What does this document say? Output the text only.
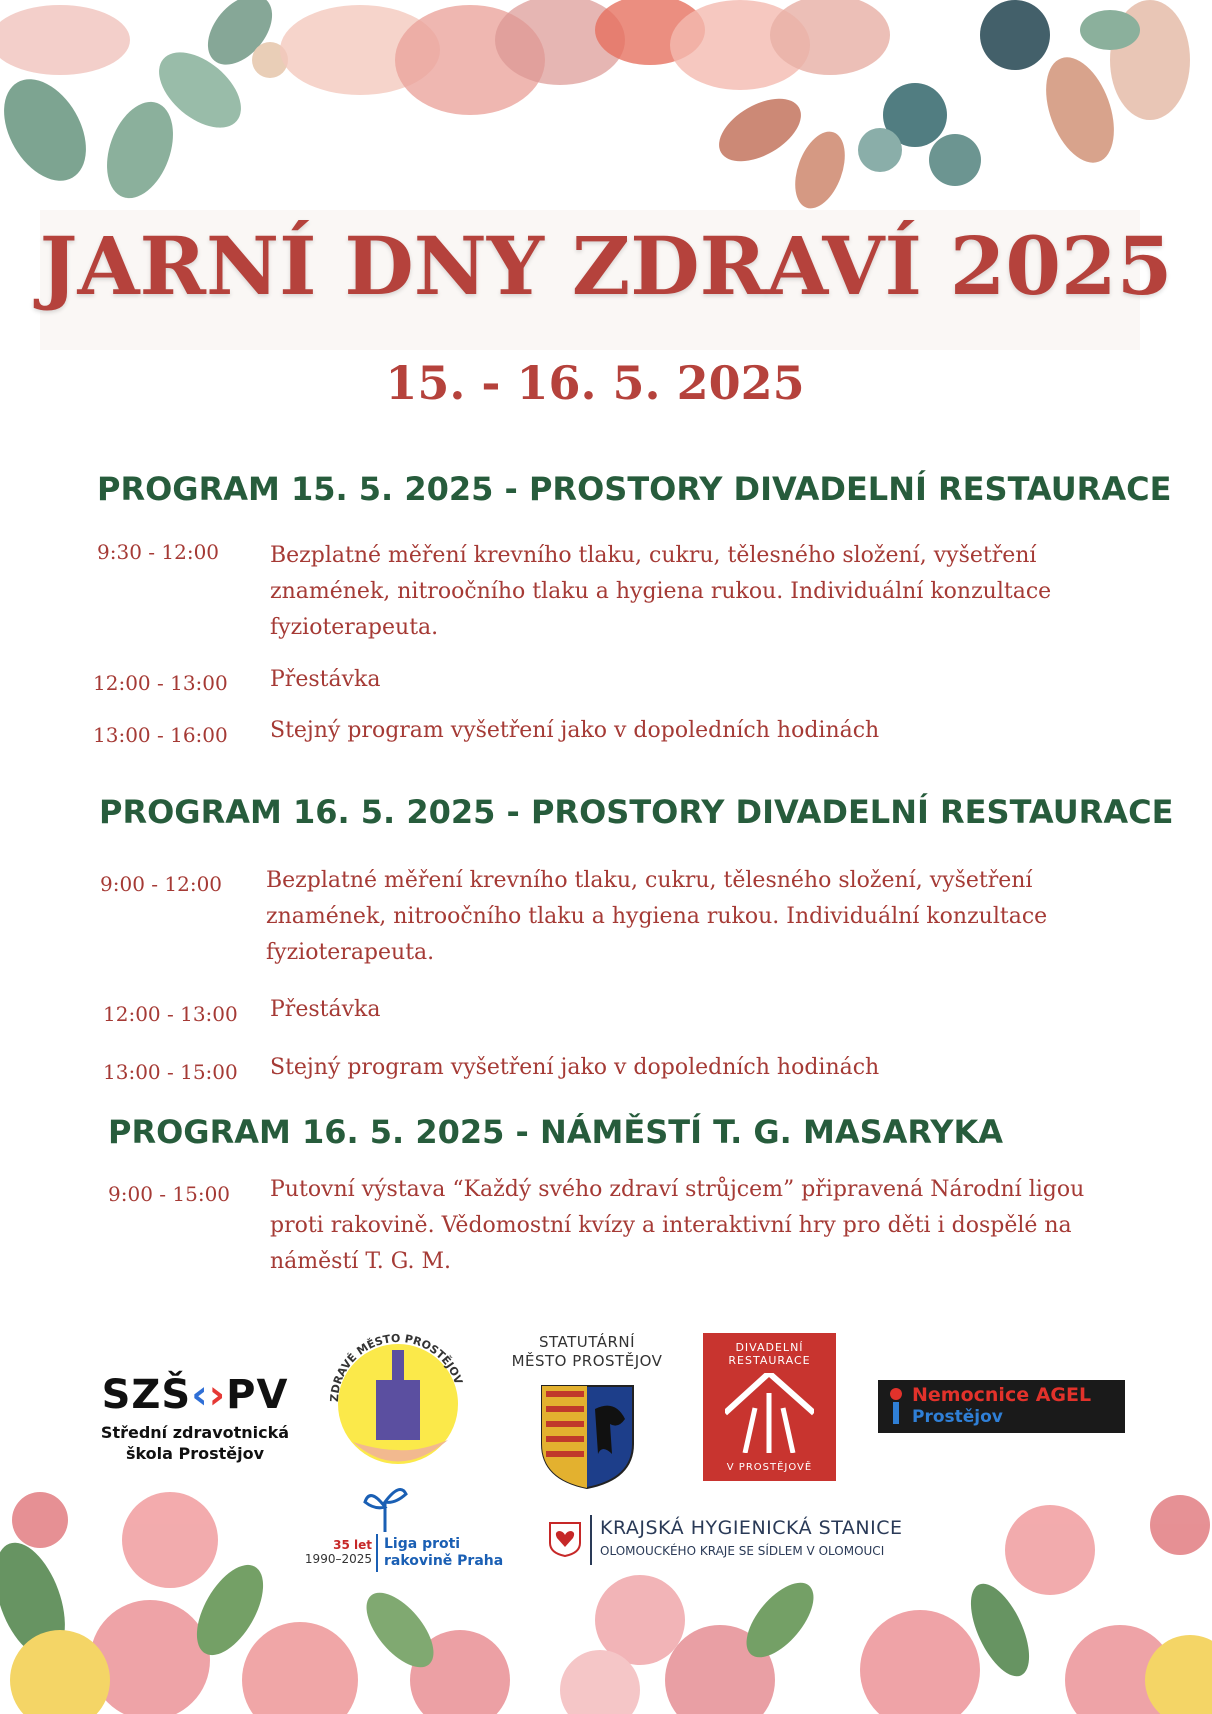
JARNÍ DNY ZDRAVÍ 2025
15. - 16. 5. 2025
PROGRAM 15. 5. 2025 - PROSTORY DIVADELNÍ RESTAURACE
9:30 - 12:00 Bezplatné měření krevního tlaku, cukru, tělesného složení, vyšetření znamének, nitroočního tlaku a hygiena rukou. Individuální konzultace fyzioterapeuta.
12:00 - 13:00 Přestávka
13:00 - 16:00 Stejný program vyšetření jako v dopoledních hodinách
PROGRAM 16. 5. 2025 - PROSTORY DIVADELNÍ RESTAURACE
9:00 - 12:00 Bezplatné měření krevního tlaku, cukru, tělesného složení, vyšetření znamének, nitroočního tlaku a hygiena rukou. Individuální konzultace fyzioterapeuta.
12:00 - 13:00 Přestávka
13:00 - 15:00 Stejný program vyšetření jako v dopoledních hodinách
PROGRAM 16. 5. 2025 - NÁMĚSTÍ T. G. MASARYKA
9:00 - 15:00 Putovní výstava “Každý svého zdraví strůjcem” připravená Národní ligou proti rakovině. Vědomostní kvízy a interaktivní hry pro děti i dospělé na náměstí T. G. M.
SZŠ‹›PV
Střední zdravotnická
škola Prostějov
ZDRAVÉ MĚSTO PROSTĚJOV
35 let
1990–2025
Liga proti
rakovině Praha
STATUTÁRNÍ
MĚSTO PROSTĚJOV
DIVADELNÍ
RESTAURACE
V PROSTĚJOVĚ
Nemocnice AGEL
Prostějov
KRAJSKÁ HYGIENICKÁ STANICE
OLOMOUCKÉHO KRAJE SE SÍDLEM V OLOMOUCI
